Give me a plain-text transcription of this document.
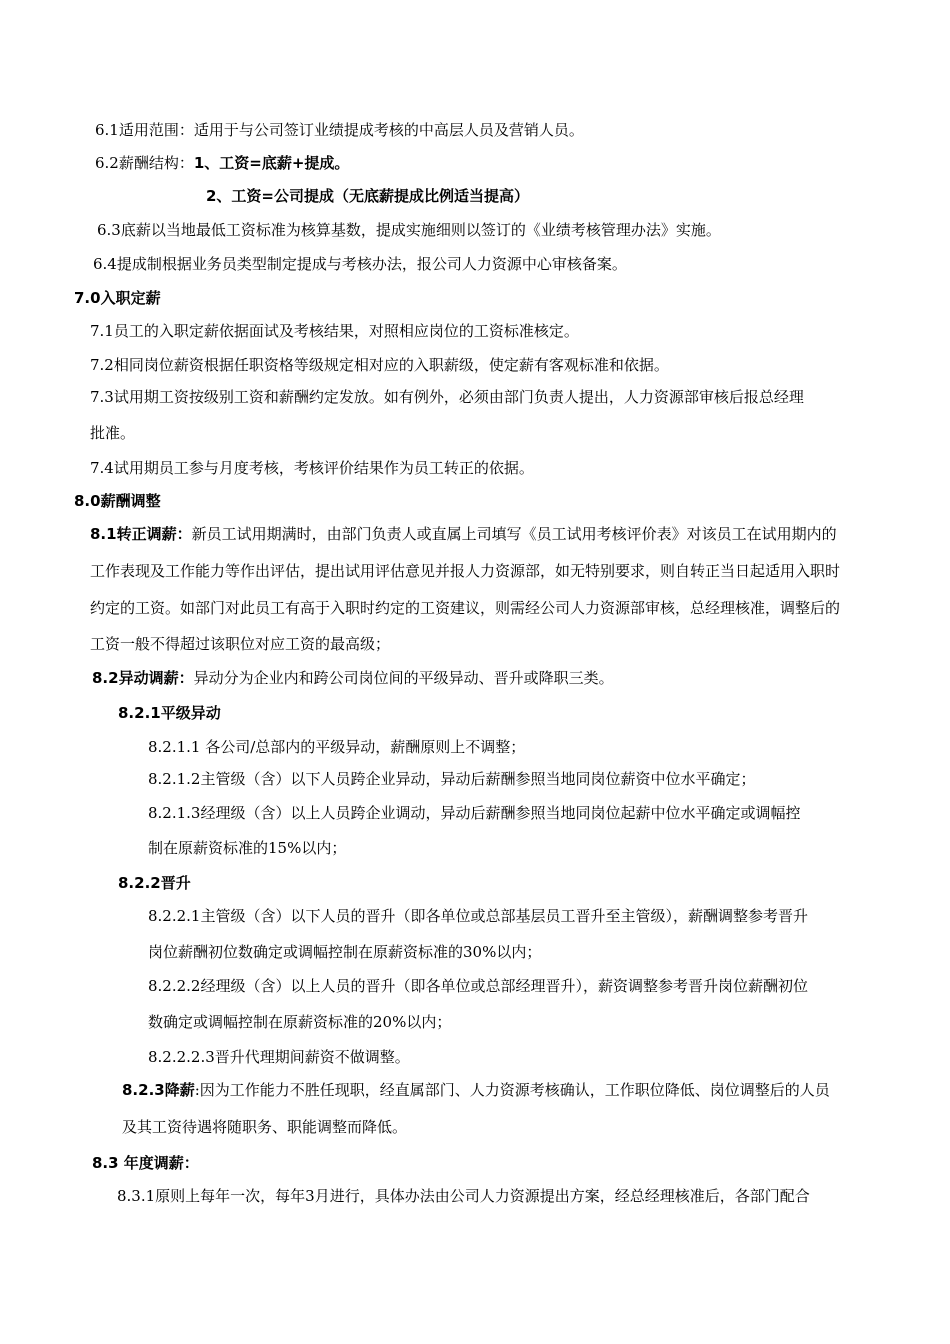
6.1适用范围：适用于与公司签订业绩提成考核的中高层人员及营销人员。
6.2薪酬结构：1、工资=底薪+提成。
2、工资=公司提成（无底薪提成比例适当提高）
6.3底薪以当地最低工资标准为核算基数，提成实施细则以签订的《业绩考核管理办法》实施。
6.4提成制根据业务员类型制定提成与考核办法，报公司人力资源中心审核备案。
7.0入职定薪
7.1员工的入职定薪依据面试及考核结果，对照相应岗位的工资标准核定。
7.2相同岗位薪资根据任职资格等级规定相对应的入职薪级，使定薪有客观标准和依据。
7.3试用期工资按级别工资和薪酬约定发放。如有例外，必须由部门负责人提出，人力资源部审核后报总经理
批准。
7.4试用期员工参与月度考核，考核评价结果作为员工转正的依据。
8.0薪酬调整
8.1转正调薪：新员工试用期满时，由部门负责人或直属上司填写《员工试用考核评价表》对该员工在试用期内的
工作表现及工作能力等作出评估，提出试用评估意见并报人力资源部，如无特别要求，则自转正当日起适用入职时
约定的工资。如部门对此员工有高于入职时约定的工资建议，则需经公司人力资源部审核，总经理核准，调整后的
工资一般不得超过该职位对应工资的最高级；
8.2异动调薪：异动分为企业内和跨公司岗位间的平级异动、晋升或降职三类。
8.2.1平级异动
8.2.1.1 各公司/总部内的平级异动，薪酬原则上不调整；
8.2.1.2主管级（含）以下人员跨企业异动，异动后薪酬参照当地同岗位薪资中位水平确定；
8.2.1.3经理级（含）以上人员跨企业调动，异动后薪酬参照当地同岗位起薪中位水平确定或调幅控
制在原薪资标准的15%以内；
8.2.2晋升
8.2.2.1主管级（含）以下人员的晋升（即各单位或总部基层员工晋升至主管级），薪酬调整参考晋升
岗位薪酬初位数确定或调幅控制在原薪资标准的30%以内；
8.2.2.2经理级（含）以上人员的晋升（即各单位或总部经理晋升），薪资调整参考晋升岗位薪酬初位
数确定或调幅控制在原薪资标准的20%以内；
8.2.2.2.3晋升代理期间薪资不做调整。
8.2.3降薪:因为工作能力不胜任现职，经直属部门、人力资源考核确认，工作职位降低、岗位调整后的人员
及其工资待遇将随职务、职能调整而降低。
8.3 年度调薪：
8.3.1原则上每年一次，每年3月进行，具体办法由公司人力资源提出方案，经总经理核准后，各部门配合
